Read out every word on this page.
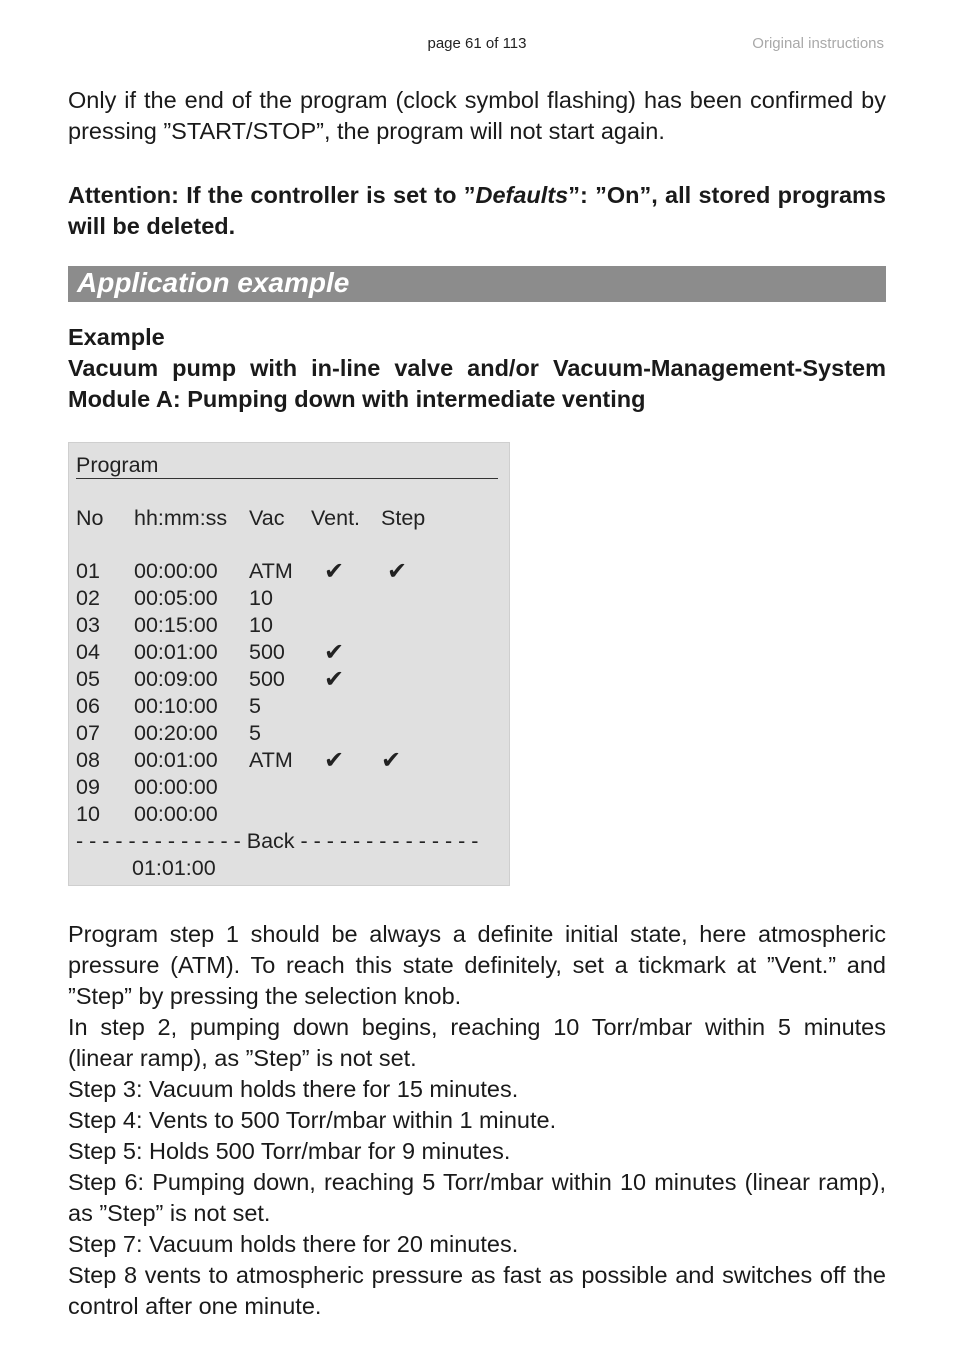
page 61 of 113	Original instructions

Only if the end of the program (clock symbol flashing) has been confirmed by pressing ”START/STOP”, the program will not start again.

Attention: If the controller is set to ”Defaults”: ”On”, all stored programs will be deleted.

Application example
Example
Vacuum pump with in-line valve and/or Vacuum-Management-System Module A: Pumping down with intermediate venting
Program
No hh:mm:ss Vac Vent. Step
01 00:00:00 ATM ✔ ✔
02 00:05:00 10
03 00:15:00 10
04 00:01:00 500 ✔
05 00:09:00 500 ✔
06 00:10:00 5
07 00:20:00 5
08 00:01:00 ATM ✔ ✔
09 00:00:00
10 00:00:00
- - - - - - - - - - - - - Back - - - - - - - - - - - - - -
01:01:00
Program step 1 should be always a definite initial state, here atmospheric pressure (ATM). To reach this state definitely, set a tickmark at ”Vent.” and ”Step” by pressing the selection knob.
In step 2, pumping down begins, reaching 10 Torr/mbar within 5 minutes (linear ramp), as ”Step” is not set.
Step 3: Vacuum holds there for 15 minutes.
Step 4: Vents to 500 Torr/mbar within 1 minute.
Step 5: Holds 500 Torr/mbar for 9 minutes.
Step 6: Pumping down, reaching 5 Torr/mbar within 10 minutes (linear ramp), as ”Step” is not set.
Step 7: Vacuum holds there for 20 minutes.
Step 8 vents to atmospheric pressure as fast as possible and switches off the control after one minute.
